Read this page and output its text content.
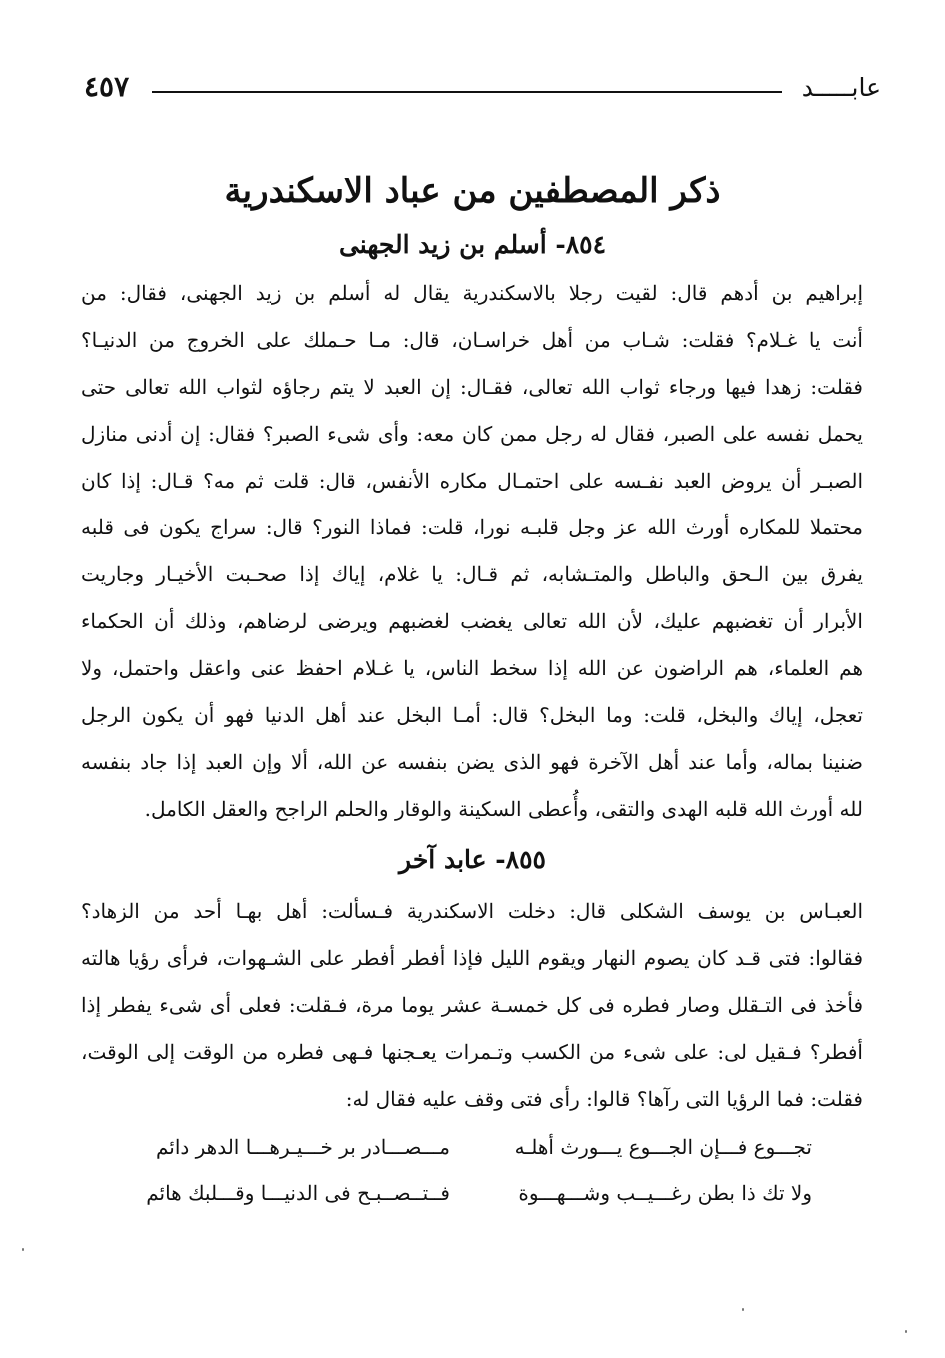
عابـــــد
٤٥٧
ذكر المصطفين من عباد الاسكندرية
٨٥٤- أسلم بن زيد الجهنى
إبراهيم بن أدهم قال: لقيت رجلا بالاسكندرية يقال له أسلم بن زيد الجهنى، فقال: من
أنت يا غـلام؟ فقلت: شـاب من أهل خراسـان، قال: مـا حـملك على الخروج من الدنيـا؟
فقلت: زهدا فيها ورجاء ثواب الله تعالى، فقـال: إن العبد لا يتم رجاؤه لثواب الله تعالى حتى
يحمل نفسه على الصبر، فقال له رجل ممن كان معه: وأى شىء الصبر؟ فقال: إن أدنى منازل
الصبـر أن يروض العبد نفـسه على احتمـال مكاره الأنفس، قال: قلت ثم مه؟ قـال: إذا كان
محتملا للمكاره أورث الله عز وجل قلبـه نورا، قلت: فماذا النور؟ قال: سراج يكون فى قلبه
يفرق بين الـحق والباطل والمتـشابه، ثم قـال: يا غلام، إياك إذا صحـبت الأخيـار وجاريت
الأبرار أن تغضبهم عليك، لأن الله تعالى يغضب لغضبهم ويرضى لرضاهم، وذلك أن الحكماء
هم العلماء، هم الراضون عن الله إذا سخط الناس، يا غـلام احفظ عنى واعقل واحتمل، ولا
تعجل، إياك والبخل، قلت: وما البخل؟ قال: أمـا البخل عند أهل الدنيا فهو أن يكون الرجل
ضنينا بماله، وأما عند أهل الآخرة فهو الذى يضن بنفسه عن الله، ألا وإن العبد إذا جاد بنفسه
لله أورث الله قلبه الهدى والتقى، وأُعطى السكينة والوقار والحلم الراجح والعقل الكامل.
٨٥٥- عابد آخر
العبـاس بن يوسف الشكلى قال: دخلت الاسكندرية فـسألت: أهل بهـا أحد من الزهاد؟
فقالوا: فتى قـد كان يصوم النهار ويقوم الليل فإذا أفطر أفطر على الشـهوات، فرأى رؤيا هالته
فأخذ فى التـقلل وصار فطره فى كل خمسـة عشر يوما مرة، فـقلت: فعلى أى شىء يفطر إذا
أفطر؟ فـقيل لى: على شىء من الكسب وتـمرات يعـجنها فـهى فطره من الوقت إلى الوقت،
فقلت: فما الرؤيا التى رآها؟ قالوا: رأى فتى وقف عليه فقال له:
تجـــوع فـــإن الجـــوع يـــورث أهلـه
مـــصـــادر بر خـــيـرهـــا الدهر دائم
ولا تك ذا بطن رغـــيــب وشـــهـــوة
فــتــصــبـح فى الدنيـــا وقـــلبك هائم
